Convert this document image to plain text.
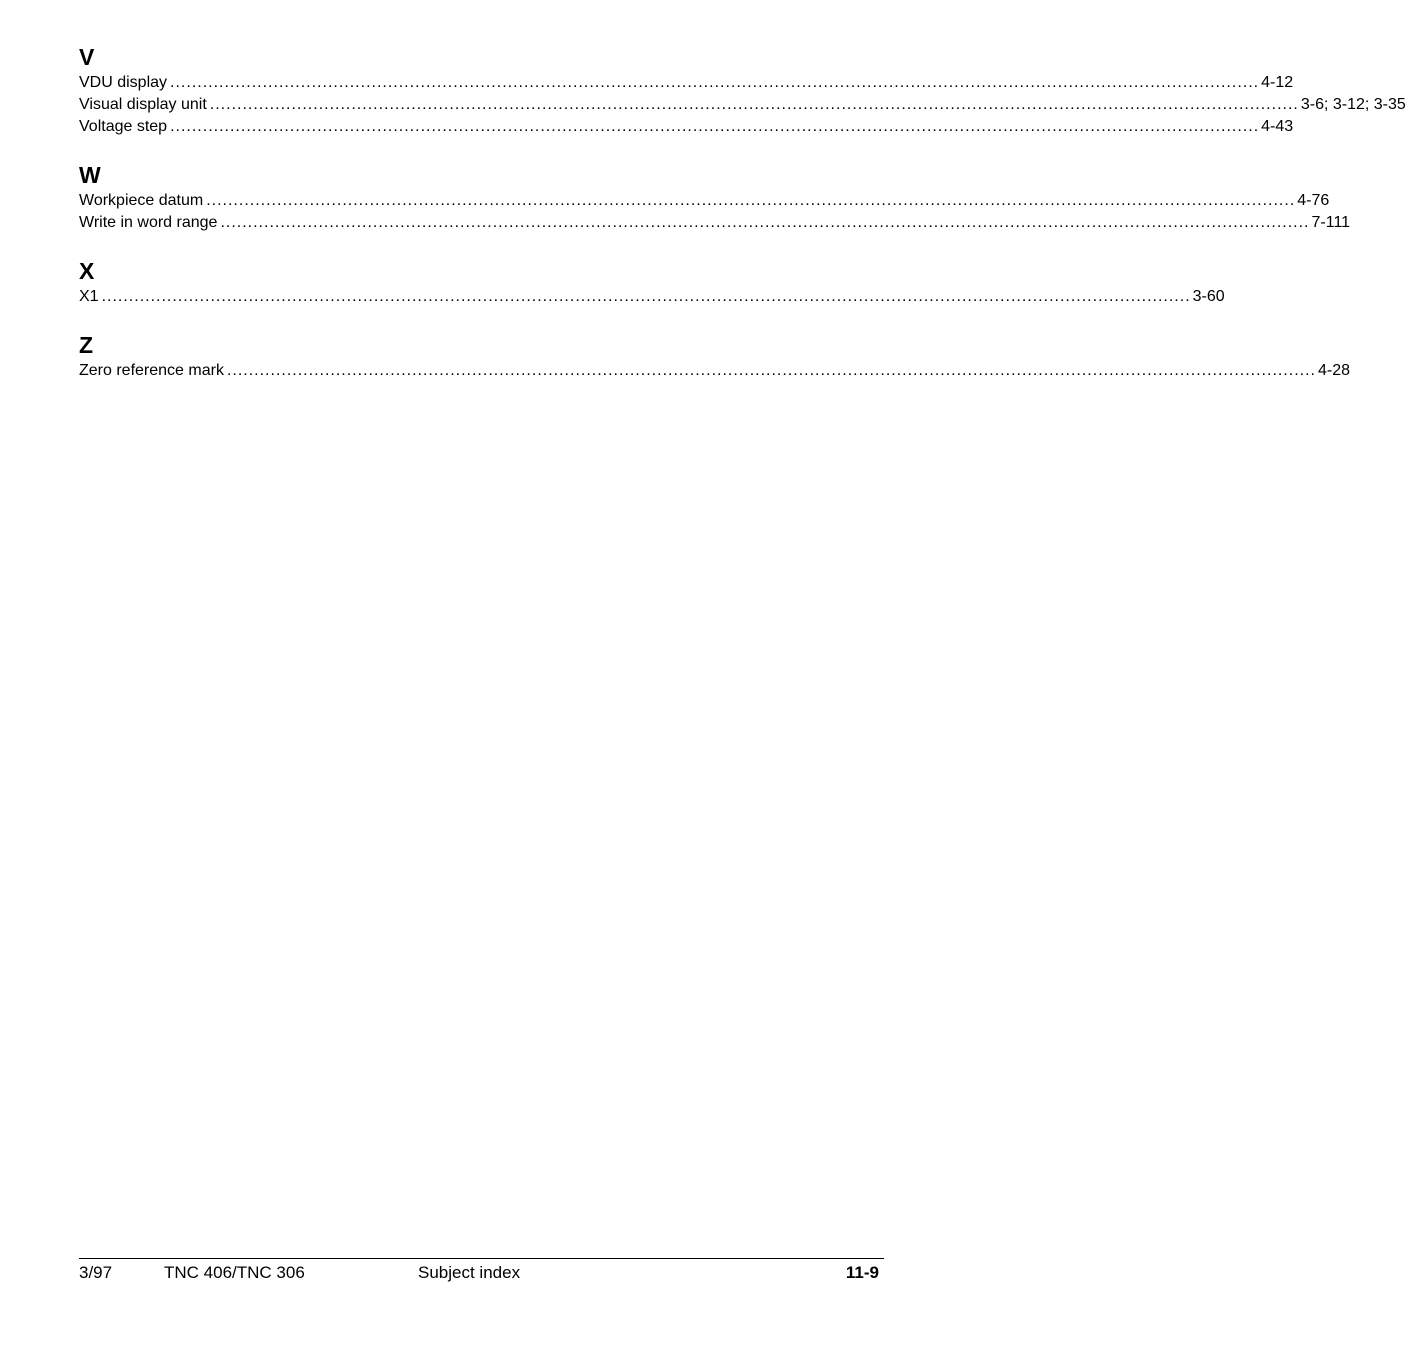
V
VDU display ........................................................................................................................................................................................................ 4-12
Visual display unit ........................................................................................................................................................................................................ 3-6; 3-12; 3-35
Voltage step ........................................................................................................................................................................................................ 4-43
W
Workpiece datum ........................................................................................................................................................................................................ 4-76
Write in word range ........................................................................................................................................................................................................ 7-111
X
X1 ........................................................................................................................................................................................................ 3-60
Z
Zero reference mark ........................................................................................................................................................................................................ 4-28
3/97	TNC 406/TNC 306	Subject index	11-9
